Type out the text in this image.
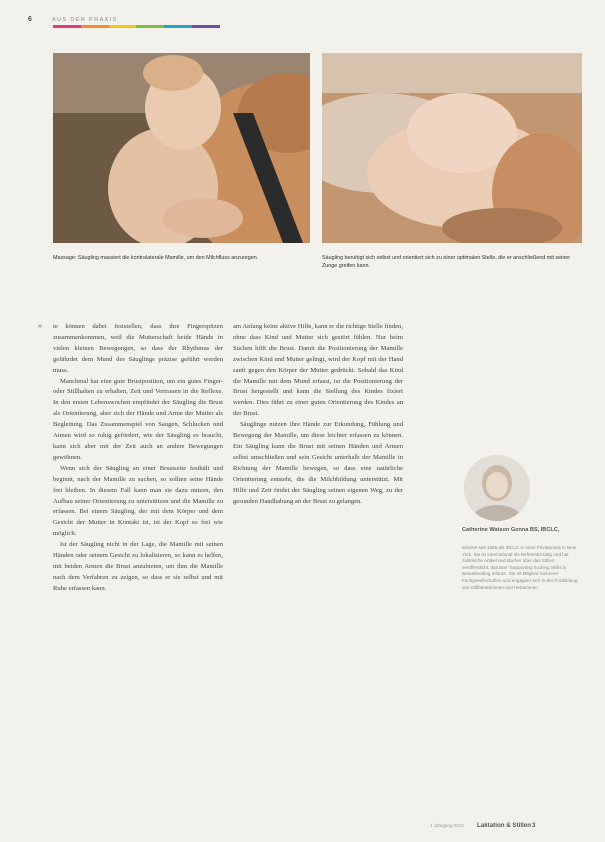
6	AUS DER PRAXIS
Massage: Säugling massiert die kontralaterale Mamille, um den Milchfluss anzuregen.	Säugling beruhigt sich selbst und orientiert sich zu einer optimalen Stelle, die er anschließend mit seiner Zunge greifen kann.
» ie können dabei feststellen, dass ihre Fingerspitzen zusammenkommen, weil die Mutterschaft beide Hände in vielen kleinen Bewegungen, so dass der Rhythmus der gefährdet dem Mund des Säuglings präzise geführt werden muss.

Manchmal hat eine gute Brustposition, um ein gutes Finger- oder Stillhalten zu erhalten, Zeit und Vertrauen in die Reflexe. In den ersten Lebenswochen empfindet der Säugling die Brust als Orientierung, aber sich der Hände und Arme der Mutter als Begleitung. Das Zusammenspiel von Saugen, Schlucken und Atmen wird so ruhig gefördert, wie der Säugling es braucht, kann sich aber mit der Zeit auch an andere Bewegungen gewöhnen.

Wenn sich der Säugling an einer Brustseite festhält und beginnt, nach der Mamille zu suchen, so sollten seine Hände frei bleiben. In diesem Fall kann man sie dazu nutzen, den Aufbau seiner Orientierung zu unterstützen und die Mamille zu erfassen. Bei einem Säugling, der mit dem Körper und dem Gesicht der Mutter in Kontakt ist, ist der Kopf so frei wie möglich.

Ist der Säugling nicht in der Lage, die Mamille mit seinen Händen oder seinem Gesicht zu lokalisieren, so kann es helfen, mit beiden Armen die Brust anzubieten, um ihm die Mamille nach dem Verfahren zu zeigen, so dass er sie selbst und mit Ruhe erfassen kann.

am Anfang keine aktive Hilfe, kann er die richtige Stelle finden, ohne dass Kind und Mutter sich gestört fühlen. Nur beim Suchen hilft die Brust. Damit die Positionierung der Mamille zwischen Kind und Mutter gelingt, wird der Kopf mit der Hand sanft gegen den Körper der Mutter gedrückt. Sobald das Kind die Mamille mit dem Mund erfasst, ist die Positionierung der Brust hergestellt und kann die Stellung des Kindes fixiert werden. Dies führt zu einer guten Orientierung des Kindes an der Brust.

Säuglinge nutzen ihre Hände zur Erkundung, Fühlung und Bewegung der Mamille, um diese leichter erfassen zu können. Ein Säugling kann die Brust mit seinen Händen und Armen selbst umschließen und sein Gesicht unterhalb der Mamille in Richtung der Mamille bewegen, so dass eine natürliche Orientierung entsteht, die die Milchbildung unterstützt. Mit Hilfe und Zeit findet der Säugling seinen eigenen Weg, zu der gesunden Handhabung an der Brust zu gelangen.

Catherine Watson Genna BS, IBCLC,
arbeitet seit 1985 als IBCLC in einer Privatpraxis in New York. Sie ist international als Referentin tätig und hat zahlreiche Artikel und Bücher über das Stillen veröffentlicht, darunter 'Supporting Sucking Skills in Breastfeeding Infants'. Sie ist Mitglied mehrerer Fachgesellschaften und engagiert sich in der Fortbildung von Stillberaterinnen und Hebammen.
1 Jahrgang 2014 Laktation & Stillen 3
